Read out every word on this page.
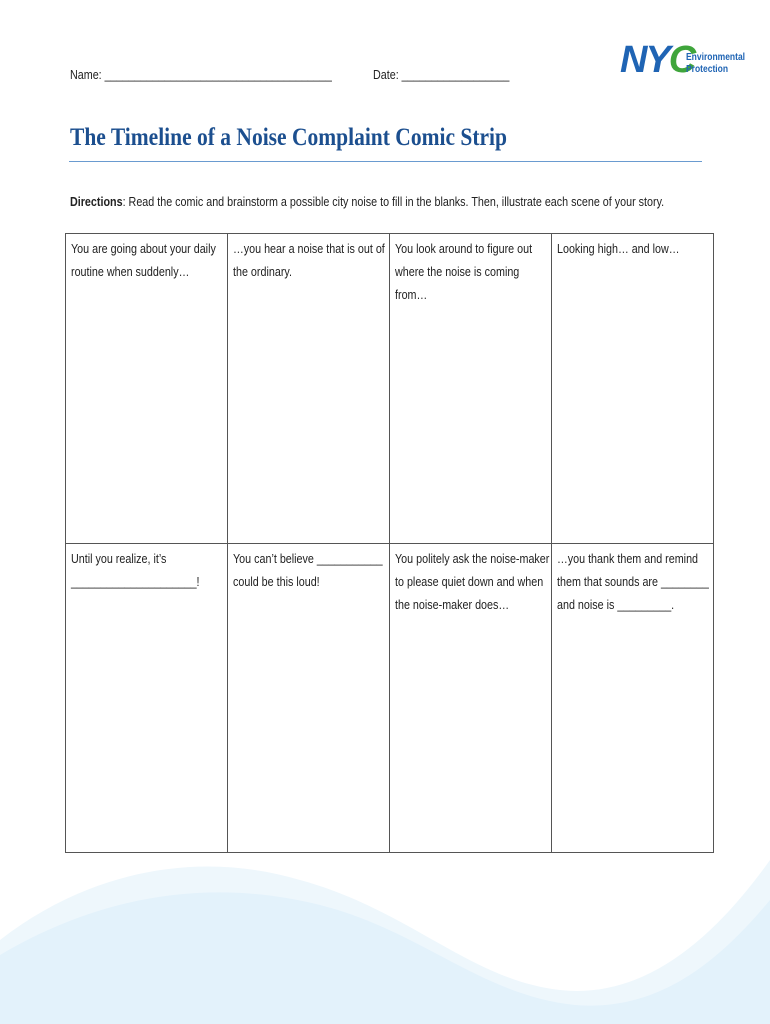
Name: ______________________________________	Date: __________________	NYC
Environmental
Protection
The Timeline of a Noise Complaint Comic Strip
Directions: Read the comic and brainstorm a possible city noise to fill in the blanks. Then, illustrate each scene of your story.
You are going about your daily
routine when suddenly…
…you hear a noise that is out of
the ordinary.
You look around to figure out
where the noise is coming from…
Looking high… and low…
Until you realize, it’s
_____________________!
You can’t believe ___________
could be this loud!
You politely ask the noise-maker
to please quiet down and when
the noise-maker does…
…you thank them and remind
them that sounds are ________
and noise is _________.
